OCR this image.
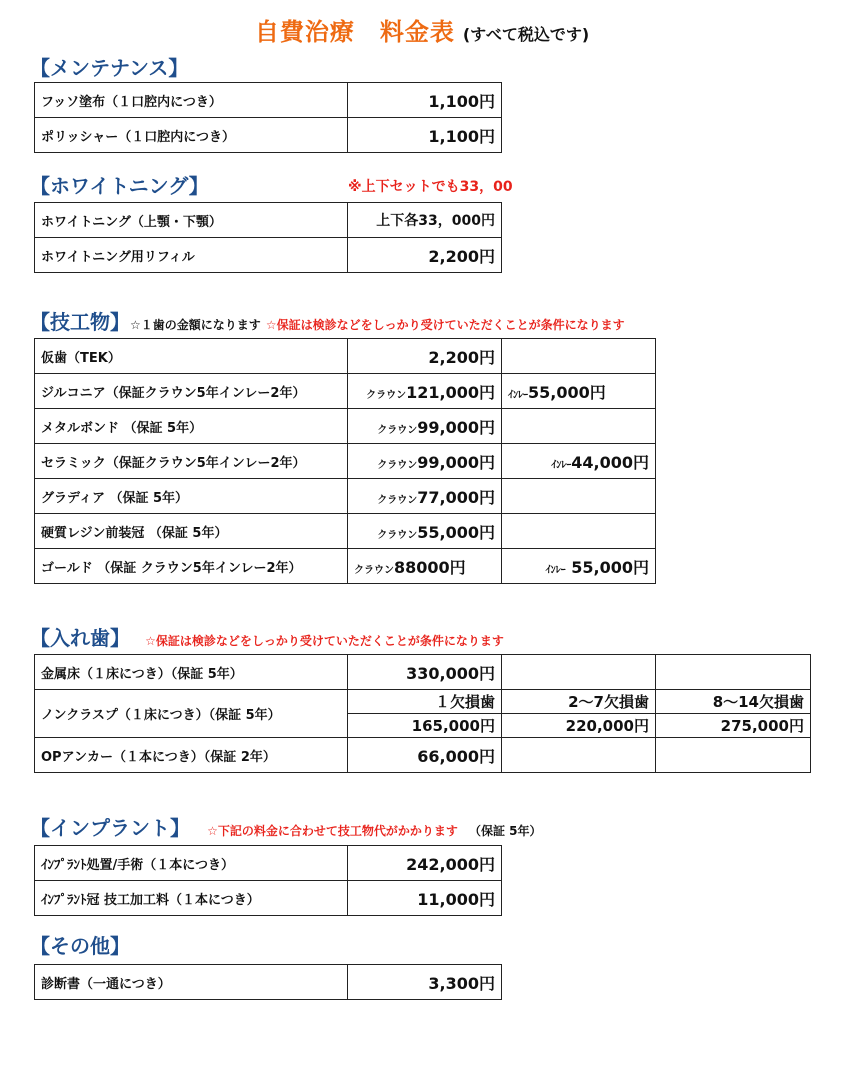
自費治療　料金表 (すべて税込です)
【メンテナンス】
フッソ塗布（１口腔内につき）	1,100円
ポリッシャー（１口腔内につき）	1,100円
【ホワイトニング】	※上下セットでも33，00
ホワイトニング（上顎・下顎）	上下各33，000円
ホワイトニング用リフィル	2,200円
【技工物】☆１歯の金額になります ☆保証は検診などをしっかり受けていただくことが条件になります
仮歯（TEK）	2,200円	
ジルコニア（保証クラウン5年インレー2年）	クラウン121,000円	ｲﾝﾚｰ55,000円
メタルボンド （保証 5年）	クラウン99,000円	
セラミック（保証クラウン5年インレー2年）	クラウン99,000円	ｲﾝﾚｰ44,000円
グラディア （保証 5年）	クラウン77,000円	
硬質レジン前装冠 （保証 5年）	クラウン55,000円	
ゴールド （保証 クラウン5年インレー2年）	クラウン88000円	ｲﾝﾚｰ 55,000円
【入れ歯】 ☆保証は検診などをしっかり受けていただくことが条件になります
金属床（１床につき）（保証 5年）	330,000円		
ノンクラスプ（１床につき）（保証 5年）	１欠損歯	2～7欠損歯	8～14欠損歯
	165,000円	220,000円	275,000円
OPアンカー（１本につき）（保証 2年）	66,000円		
【インプラント】 ☆下記の料金に合わせて技工物代がかかります （保証 5年）
ｲﾝﾌﾟﾗﾝﾄ処置/手術（１本につき）	242,000円
ｲﾝﾌﾟﾗﾝﾄ冠 技工加工料（１本につき）	11,000円
【その他】
診断書（一通につき）	3,300円
